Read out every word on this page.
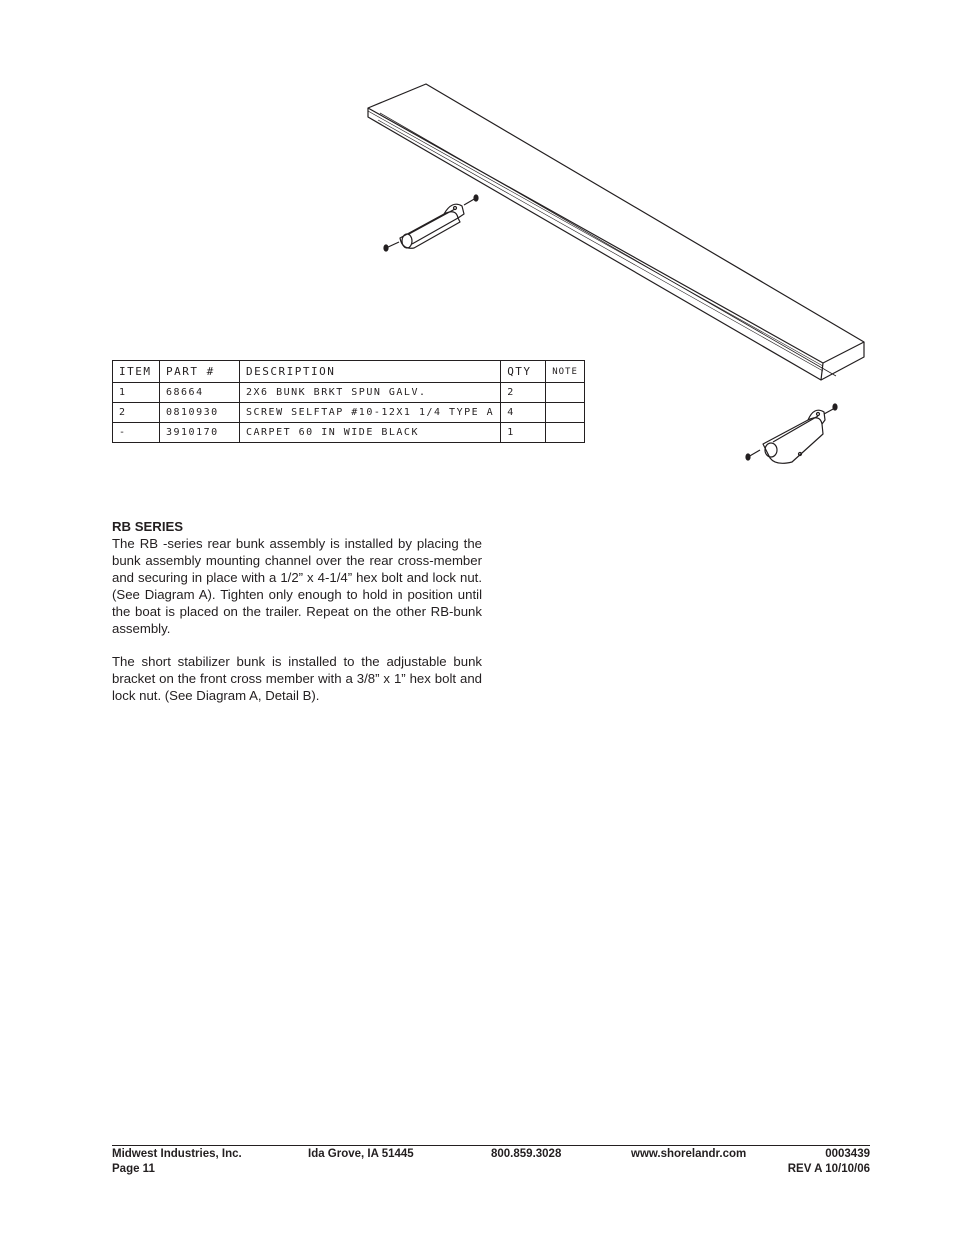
ITEM	PART #	DESCRIPTION	QTY	NOTE
1	68664	2X6 BUNK BRKT SPUN GALV.	2	
2	0810930	SCREW SELFTAP #10-12X1 1/4 TYPE A	4	
-	3910170	CARPET 60 IN WIDE BLACK	1	
RB SERIES

The RB -series rear bunk assembly is installed by placing the bunk assembly mounting channel over the rear cross-member and securing in place with a 1/2” x 4-1/4” hex bolt and lock nut. (See Diagram A). Tighten only enough to hold in position until the boat is placed on the trailer. Repeat on the other RB-bunk assembly.

The short stabilizer bunk is installed to the adjustable bunk bracket on the front cross member with a 3/8” x 1” hex bolt and lock nut. (See Diagram A, Detail B).

Midwest Industries, Inc.	Ida Grove, IA 51445	800.859.3028	www.shorelandr.com	0003439
Page 11	REV A 10/10/06
